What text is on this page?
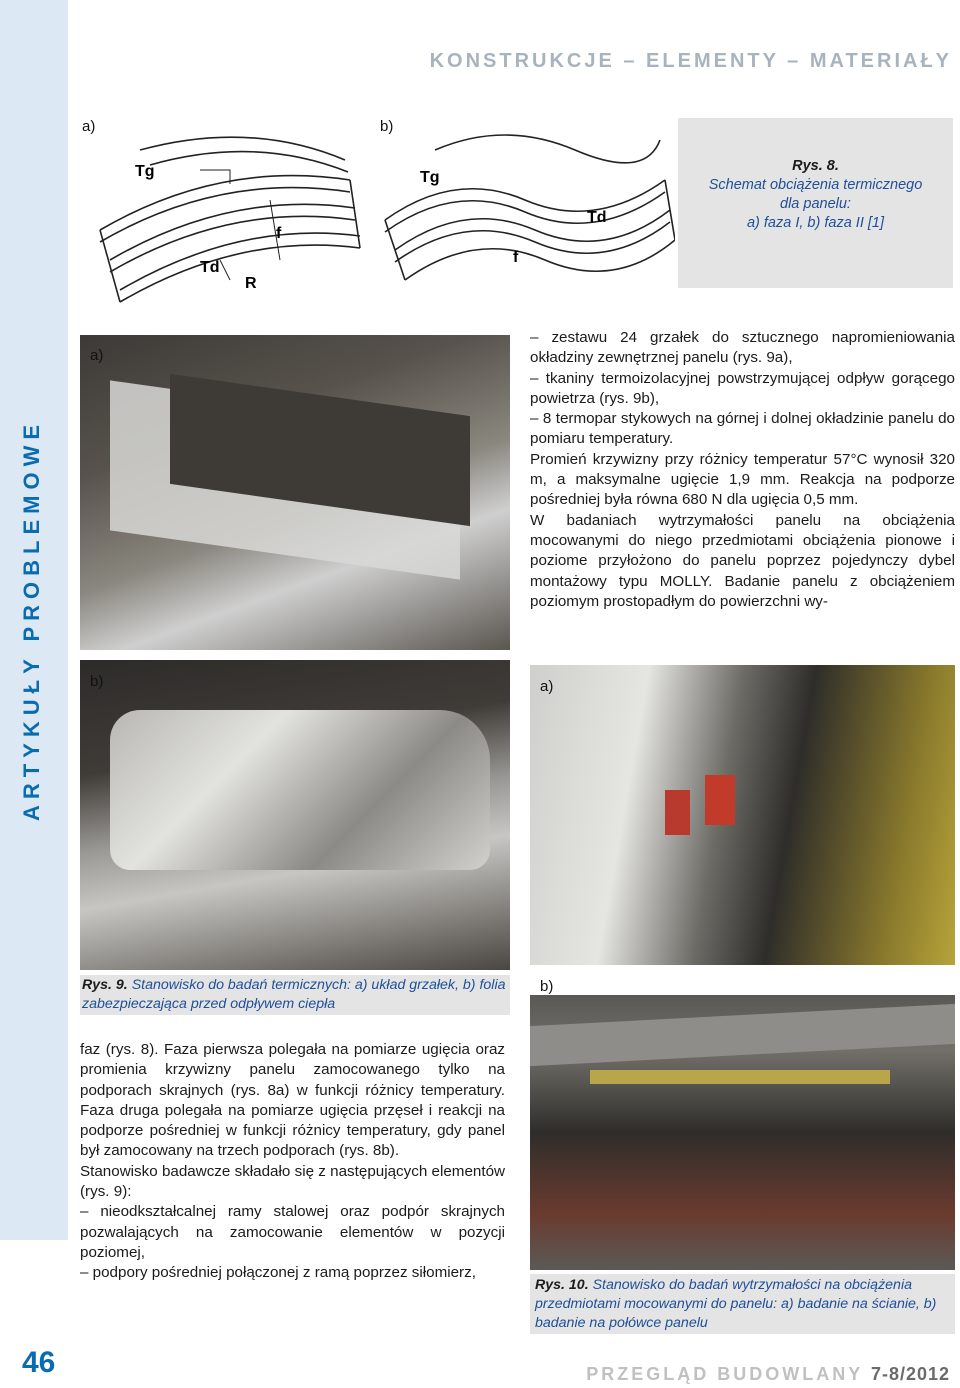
ARTYKUŁY PROBLEMOWE
KONSTRUKCJE – ELEMENTY – MATERIAŁY
a)	b)
Tg
Td
f
R
Tg
Td
f
Rys. 8.
Schemat obciążenia termicznego
dla panelu:
a) faza I, b) faza II [1]
a)
b)
Rys. 9. Stanowisko do badań termicznych: a) układ grzałek, b) folia zabezpieczająca przed odpływem ciepła

– zestawu 24 grzałek do sztucznego napromieniowania okładziny zewnętrznej panelu (rys. 9a),

– tkaniny termoizolacyjnej powstrzymującej odpływ gorącego powietrza (rys. 9b),

– 8 termopar stykowych na górnej i dolnej okładzinie panelu do pomiaru temperatury.

Promień krzywizny przy różnicy temperatur 57°C wynosił 320 m, a maksymalne ugięcie 1,9 mm. Reakcja na podporze pośredniej była równa 680 N dla ugięcia 0,5 mm.

W badaniach wytrzymałości panelu na obciążenia mocowanymi do niego przedmiotami obciążenia pionowe i poziome przyłożono do panelu poprzez pojedynczy dybel montażowy typu MOLLY. Badanie panelu z obciążeniem poziomym prostopadłym do powierzchni wy-

a)
b)
Rys. 10. Stanowisko do badań wytrzymałości na obciążenia przedmiotami mocowanymi do panelu: a) badanie na ścianie, b) badanie na połówce panelu

faz (rys. 8). Faza pierwsza polegała na pomiarze ugięcia oraz promienia krzywizny panelu zamocowanego tylko na podporach skrajnych (rys. 8a) w funkcji różnicy temperatury. Faza druga polegała na pomiarze ugięcia przęseł i reakcji na podporze pośredniej w funkcji różnicy temperatury, gdy panel był zamocowany na trzech podporach (rys. 8b).

Stanowisko badawcze składało się z następujących elementów (rys. 9):

– nieodkształcalnej ramy stalowej oraz podpór skrajnych pozwalających na zamocowanie elementów w pozycji poziomej,

– podpory pośredniej połączonej z ramą poprzez siłomierz,

46	PRZEGLĄD BUDOWLANY 7-8/2012
